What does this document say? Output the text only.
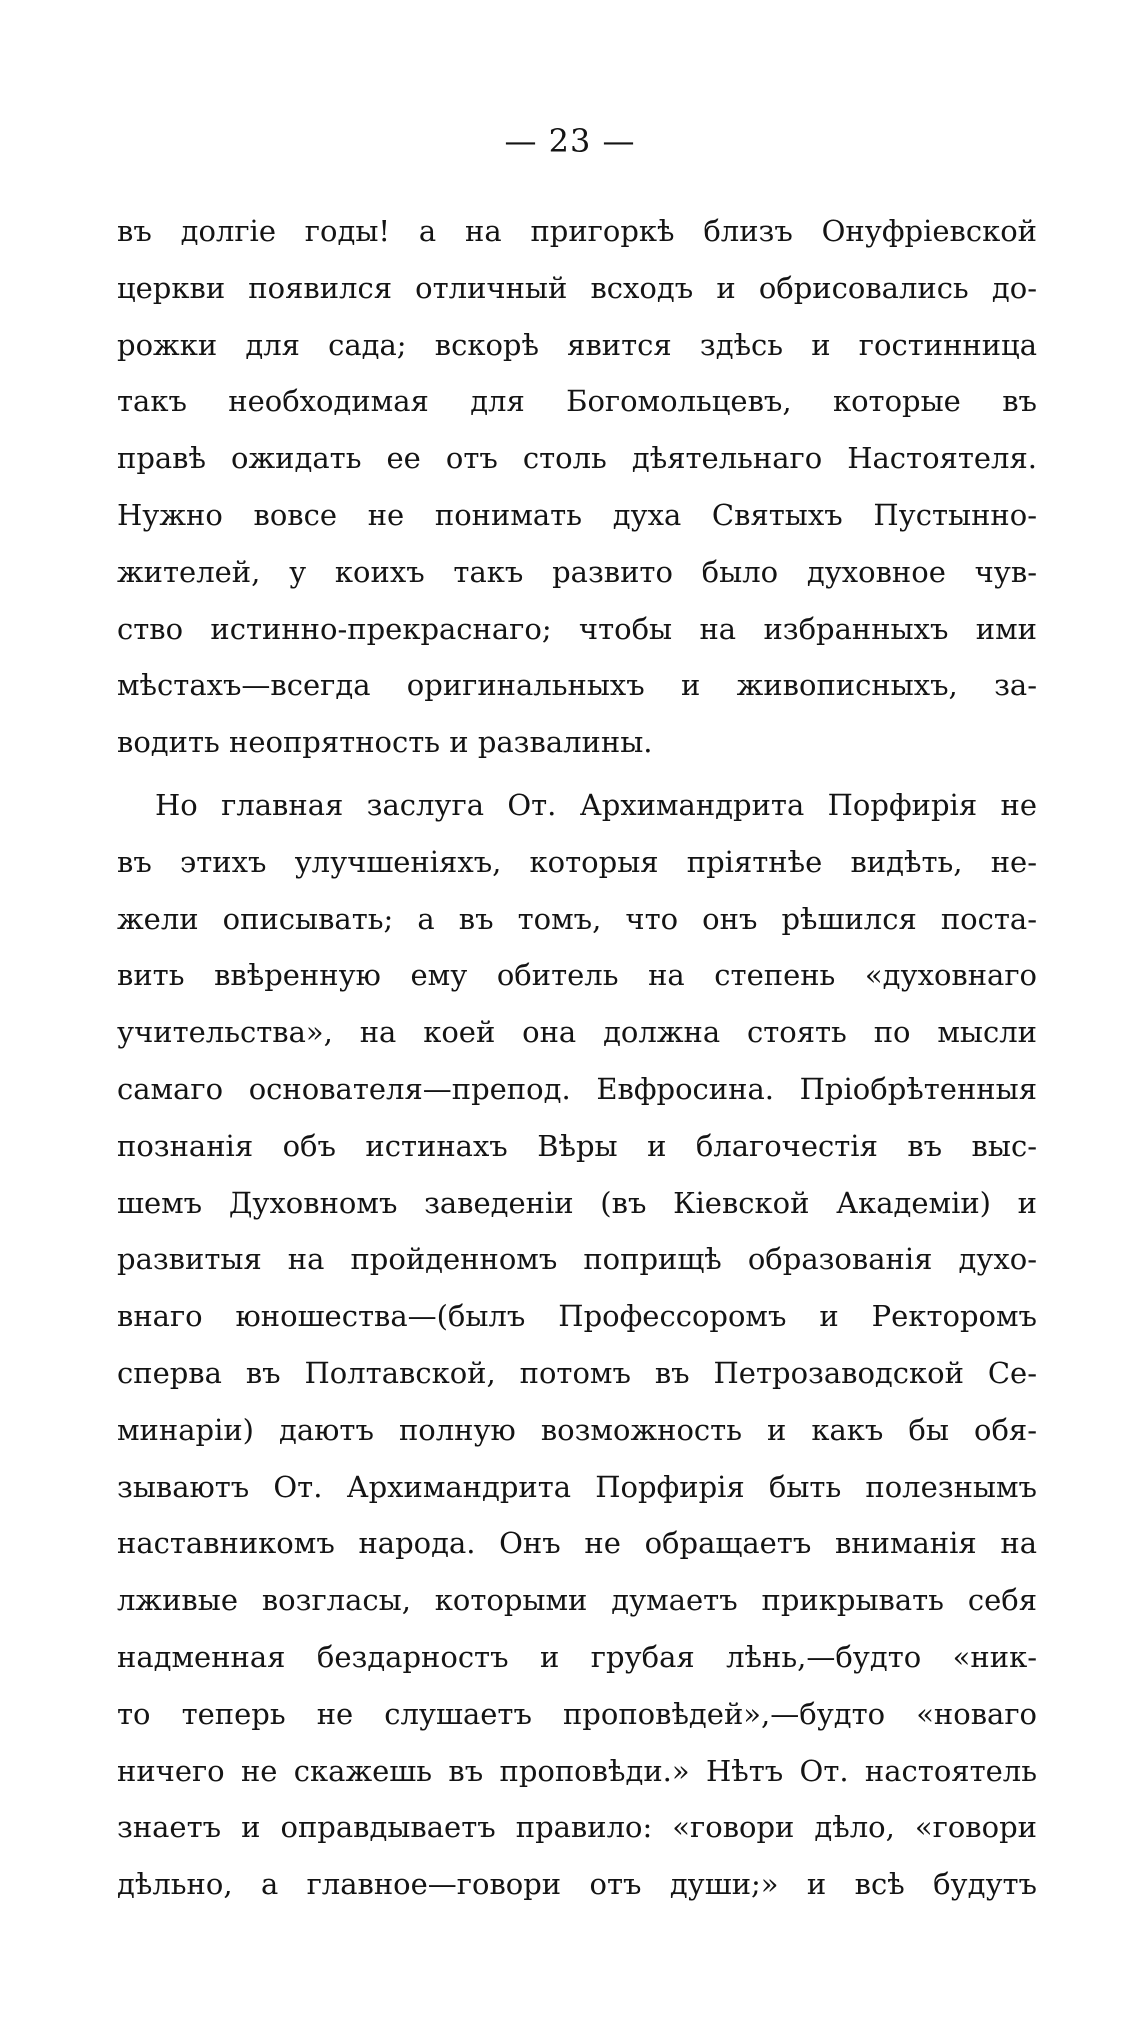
— 23 —
въ долгіе годы! а на пригоркѣ близъ Онуфріевской
церкви появился отличный всходъ и обрисовались до-
рожки для сада; вскорѣ явится здѣсь и гостинница
такъ необходимая для Богомольцевъ, которые въ
правѣ ожидать ее отъ столь дѣятельнаго Настоятеля.
Нужно вовсе не понимать духа Святыхъ Пустынно-
жителей, у коихъ такъ развито было духовное чув-
ство истинно-прекраснаго; чтобы на избранныхъ ими
мѣстахъ—всегда оригинальныхъ и живописныхъ, за-
водить неопрятность и развалины.
Но главная заслуга От. Архимандрита Порфирія не
въ этихъ улучшеніяхъ, которыя пріятнѣе видѣть, не-
жели описывать; а въ томъ, что онъ рѣшился поста-
вить ввѣренную ему обитель на степень «духовнаго
учительства», на коей она должна стоять по мысли
самаго основателя—препод. Евфросина. Пріобрѣтенныя
познанія объ истинахъ Вѣры и благочестія въ выс-
шемъ Духовномъ заведеніи (въ Кіевской Академіи) и
развитыя на пройденномъ поприщѣ образованія духо-
внаго юношества—(былъ Профессоромъ и Ректоромъ
сперва въ Полтавской, потомъ въ Петрозаводской Се-
минаріи) даютъ полную возможность и какъ бы обя-
зываютъ От. Архимандрита Порфирія быть полезнымъ
наставникомъ народа. Онъ не обращаетъ вниманія на
лживые возгласы, которыми думаетъ прикрывать себя
надменная бездарностъ и грубая лѣнь,—будто «ник-
то теперь не слушаетъ проповѣдей»,—будто «новаго
ничего не скажешь въ проповѣди.» Нѣтъ От. настоятель
знаетъ и оправдываетъ правило: «говори дѣло, «говори
дѣльно, а главное—говори отъ души;» и всѣ будутъ
